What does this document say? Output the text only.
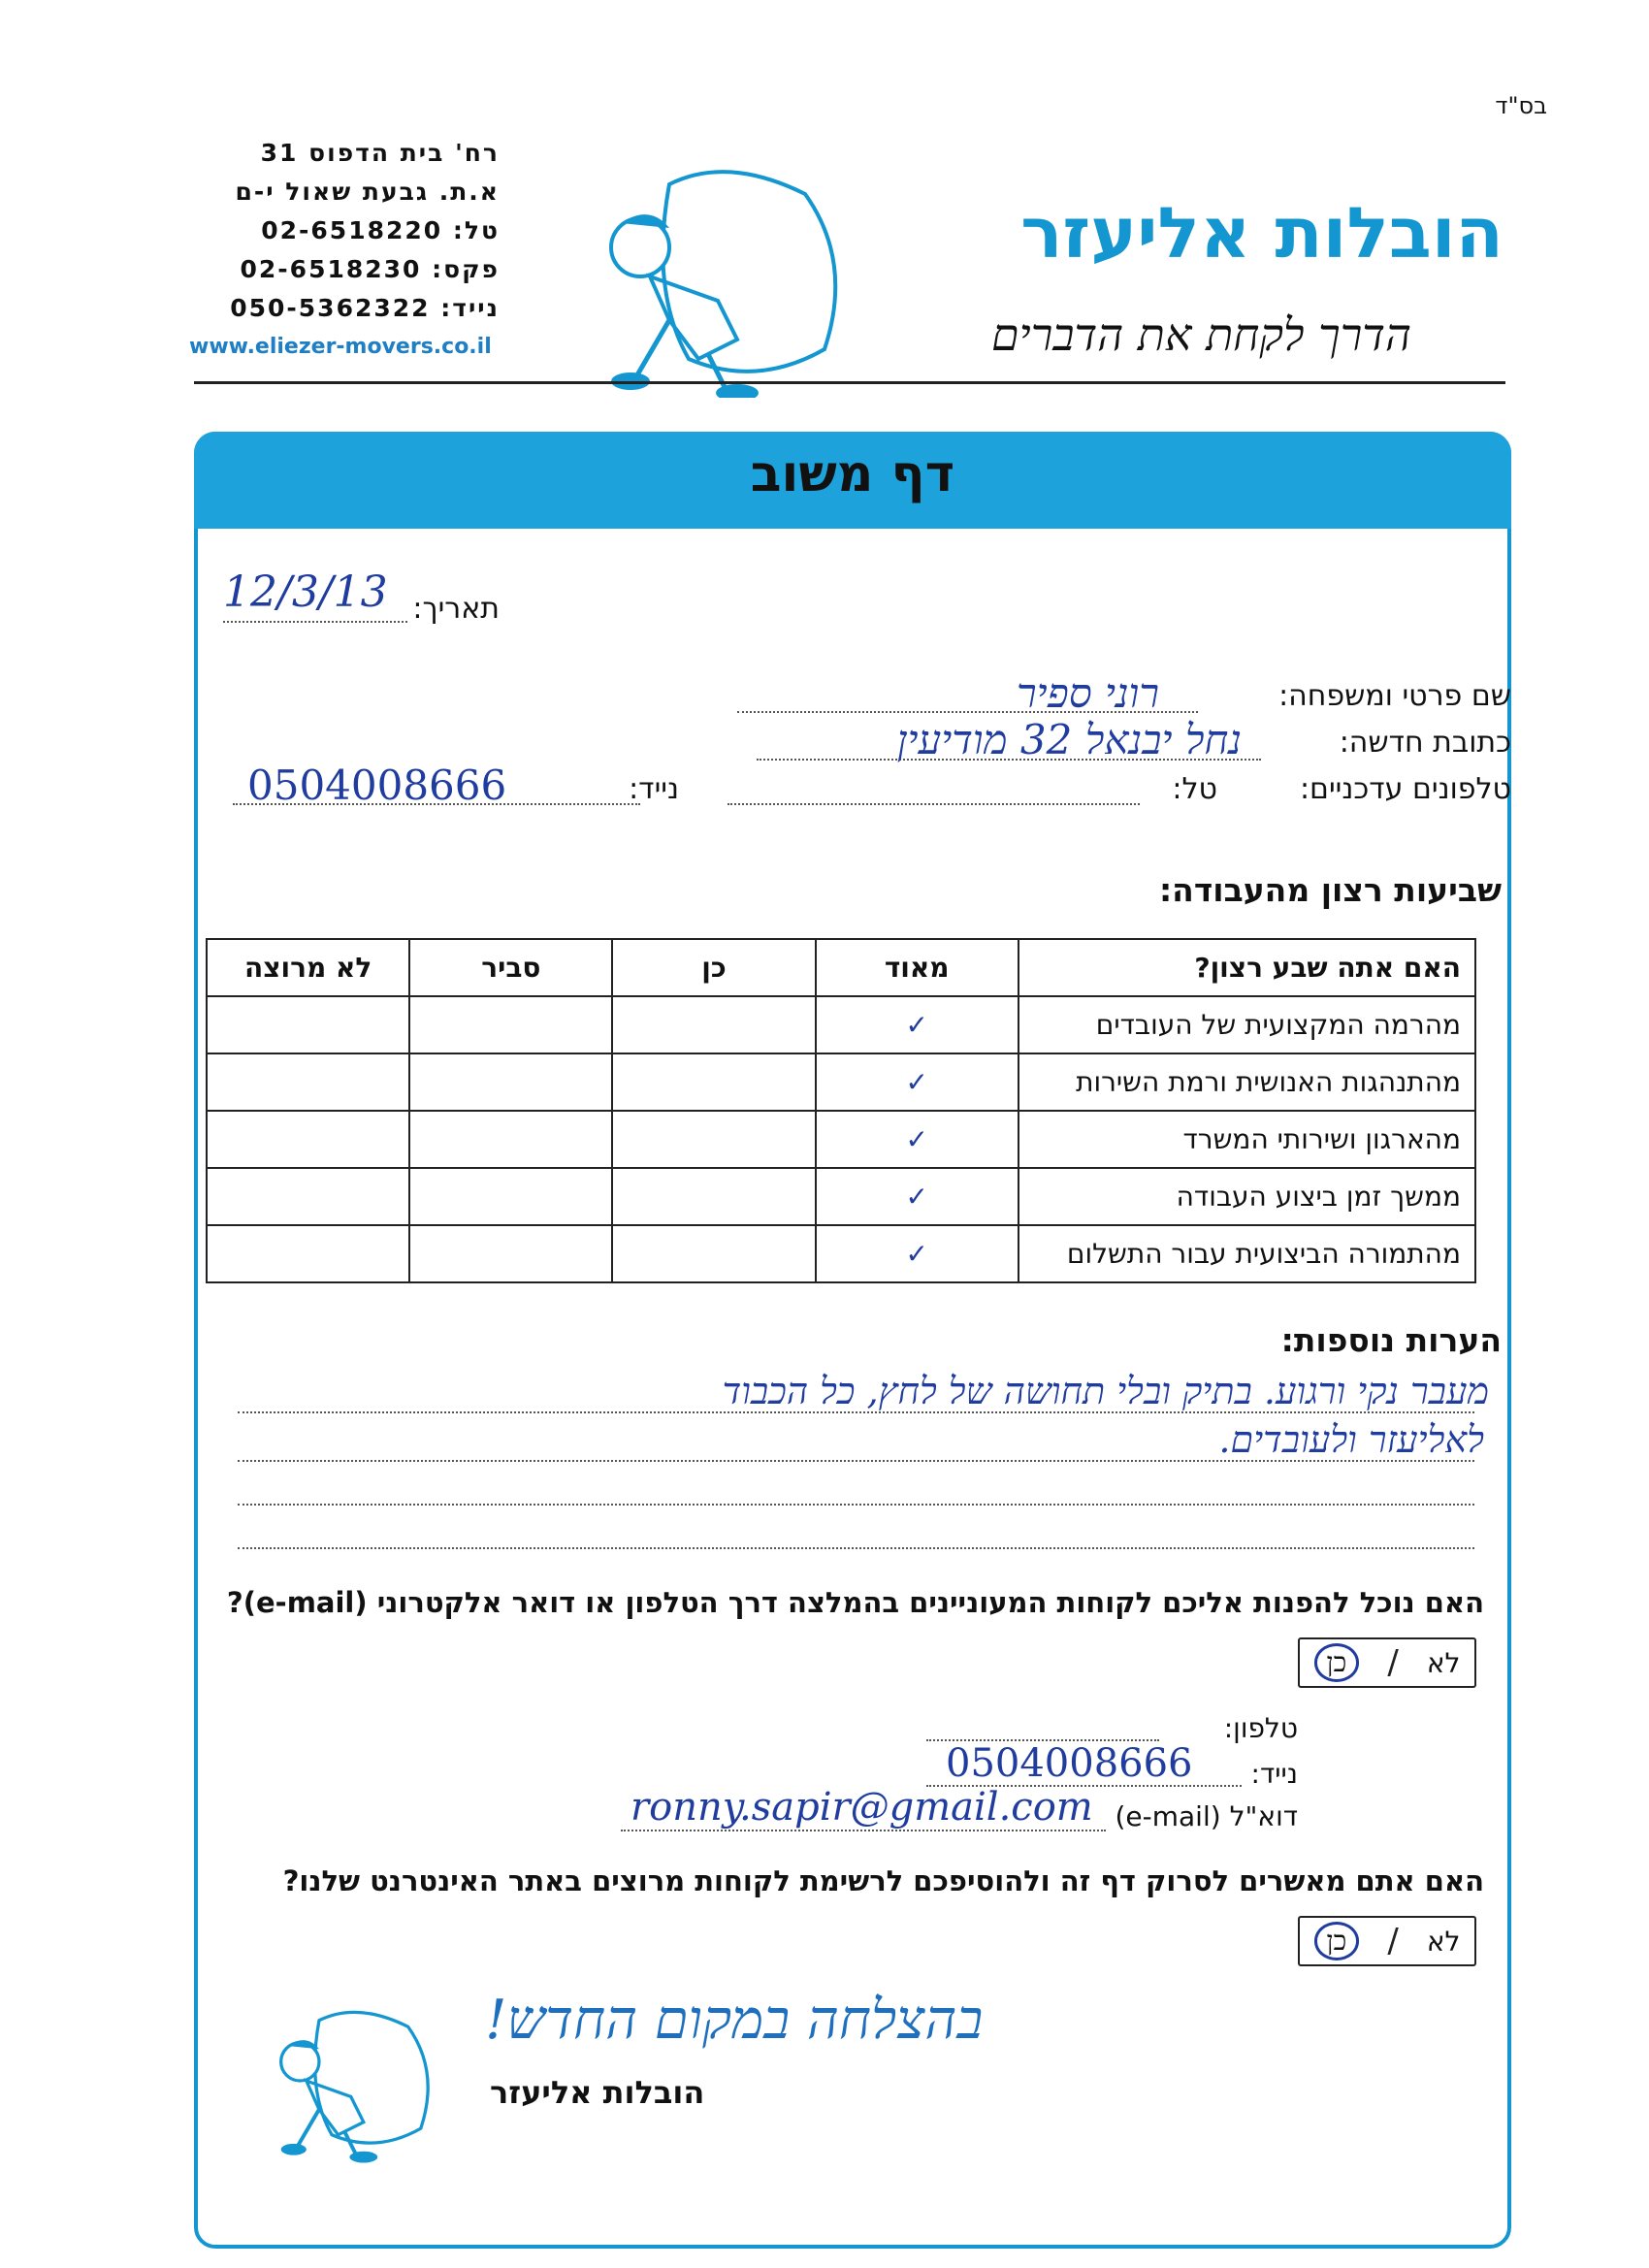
בס"ד
רח' בית הדפוס 31
א.ת. גבעת שאול י-ם
טל: 02-6518220
פקס: 02-6518230
נייד: 050-5362322
www.eliezer-movers.co.il
הובלות אליעזר
הדרך לקחת את הדברים
דף משוב
תאריך:
12/3/13
שם פרטי ומשפחה:
רוני ספיר
כתובת חדשה:
נחל יבנאל 32 מודיעין
טלפונים עדכניים:
טל:
נייד:
0504008666
שביעות רצון מהעבודה:
האם אתה שבע רצון?	מאוד	כן	סביר	לא מרוצה
מהרמה המקצועית של העובדים	✓			
מהתנהגות האנושית ורמת השירות	✓			
מהארגון ושירותי המשרד	✓			
ממשך זמן ביצוע העבודה	✓			
מהתמורה הביצועית עבור התשלום	✓			
הערות נוספות:
מעבר נקי ורגוע. בתיק ובלי תחושה של לחץ, כל הכבוד
לאליעזר ולעובדים.
האם נוכל להפנות אליכם לקוחות המעוניינים בהמלצה דרך הטלפון או דואר אלקטרוני (e-mail)?
כן	/ לא
טלפון:
נייד:
0504008666
דוא"ל (e-mail)
ronny.sapir@gmail.com
האם אתם מאשרים לסרוק דף זה ולהוסיפכם לרשימת לקוחות מרוצים באתר האינטרנט שלנו?
כן	/ לא
בהצלחה במקום החדש!
הובלות אליעזר
